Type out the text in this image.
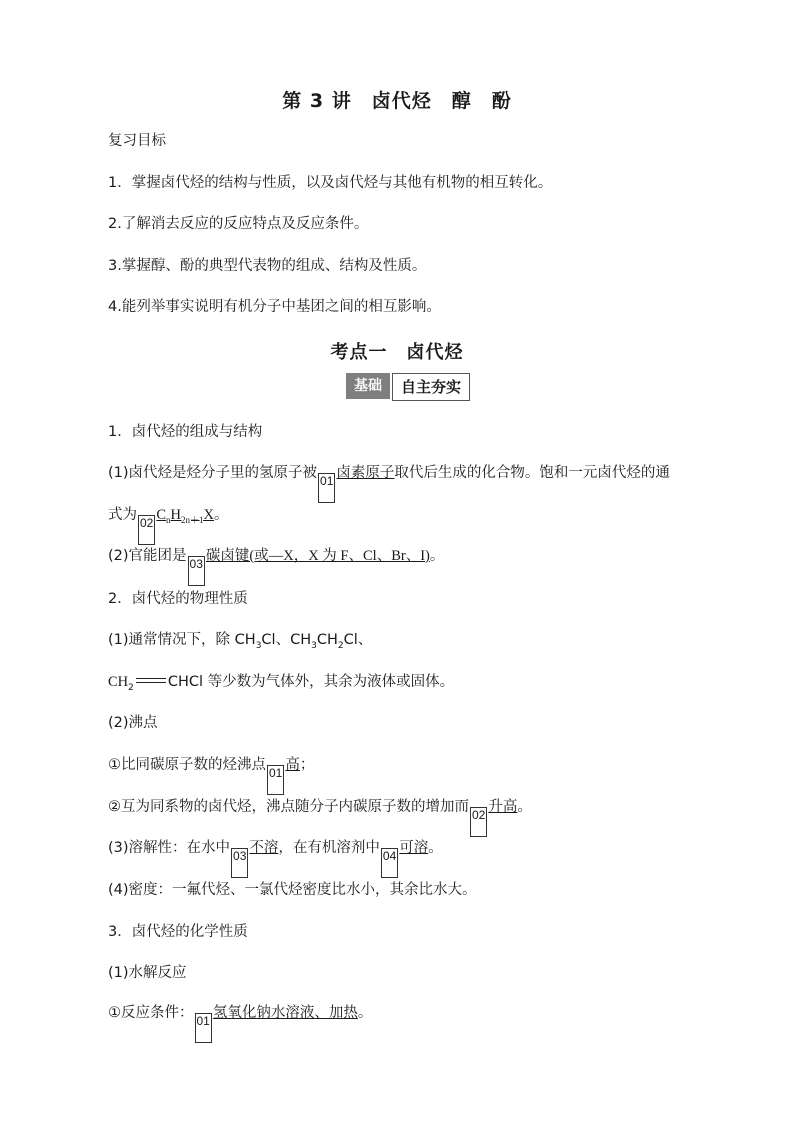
第 3 讲　卤代烃　醇　酚
复习目标
1．掌握卤代烃的结构与性质，以及卤代烃与其他有机物的相互转化。
2.了解消去反应的反应特点及反应条件。
3.掌握醇、酚的典型代表物的组成、结构及性质。
4.能列举事实说明有机分子中基团之间的相互影响。
考点一　卤代烃
基础	自主夯实
1．卤代烃的组成与结构
(1)卤代烃是烃分子里的氢原子被 01 卤素原子取代后生成的化合物。饱和一元卤代烃的通
式为 02 $C_nH_{2n+1}X$。
(2)官能团是 03 碳卤键(或—X，X 为 F、Cl、Br、I)。
2．卤代烃的物理性质
(1)通常情况下，除 $CH_3Cl$、$CH_3CH_2Cl$、
$CH_2$ CHCl 等少数为气体外，其余为液体或固体。
(2)沸点
①比同碳原子数的烃沸点 01 高；
②互为同系物的卤代烃，沸点随分子内碳原子数的增加而 02 升高。
(3)溶解性：在水中 03 不溶，在有机溶剂中 04 可溶。
(4)密度：一氟代烃、一氯代烃密度比水小，其余比水大。
3．卤代烃的化学性质
(1)水解反应
①反应条件： 01 氢氧化钠水溶液、加热。
